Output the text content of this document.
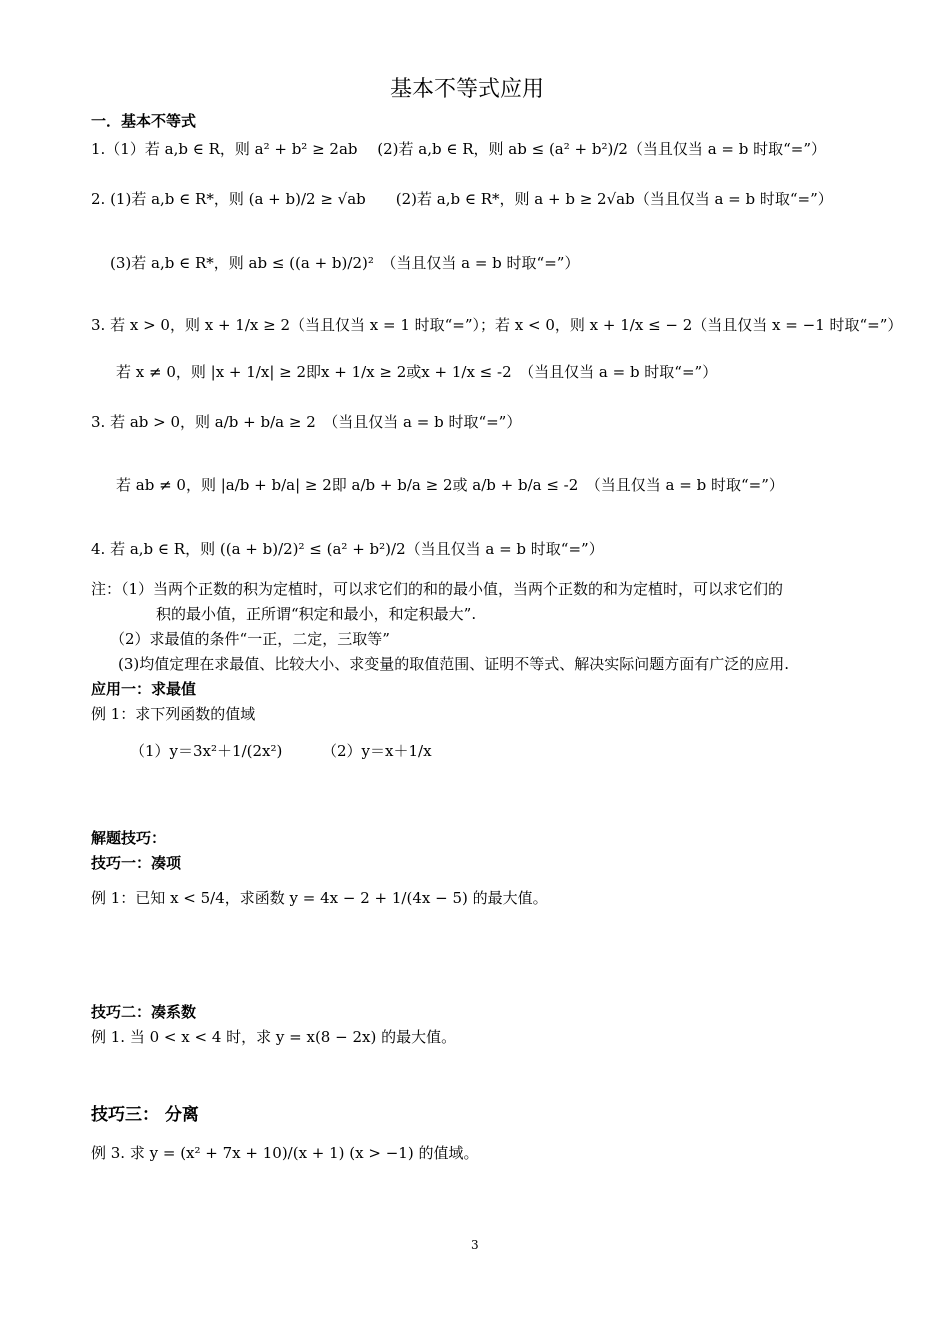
基本不等式应用
一．基本不等式
1.（1）若 a,b ∈ R，则 a² + b² ≥ 2ab　 (2)若 a,b ∈ R，则 ab ≤ (a² + b²)/2（当且仅当 a = b 时取“=”）
2. (1)若 a,b ∈ R*，则 (a + b)/2 ≥ √ab　　(2)若 a,b ∈ R*，则 a + b ≥ 2√ab（当且仅当 a = b 时取“=”）
(3)若 a,b ∈ R*，则 ab ≤ ((a + b)/2)²　（当且仅当 a = b 时取“=”）
3. 若 x > 0，则 x + 1/x ≥ 2（当且仅当 x = 1 时取“=”）；若 x < 0，则 x + 1/x ≤ − 2（当且仅当 x = −1 时取“=”）
若 x ≠ 0，则 |x + 1/x| ≥ 2即x + 1/x ≥ 2或x + 1/x ≤ -2　（当且仅当 a = b 时取“=”）
3. 若 ab > 0，则 a/b + b/a ≥ 2　（当且仅当 a = b 时取“=”）
若 ab ≠ 0，则 |a/b + b/a| ≥ 2即 a/b + b/a ≥ 2或 a/b + b/a ≤ -2　（当且仅当 a = b 时取“=”）
4. 若 a,b ∈ R，则 ((a + b)/2)² ≤ (a² + b²)/2（当且仅当 a = b 时取“=”）
注：（1）当两个正数的积为定植时，可以求它们的和的最小值，当两个正数的和为定植时，可以求它们的
积的最小值，正所谓“积定和最小，和定积最大”.
（2）求最值的条件“一正，二定，三取等”
(3)均值定理在求最值、比较大小、求变量的取值范围、证明不等式、解决实际问题方面有广泛的应用.
应用一：求最值
例 1：求下列函数的值域
（1）y＝3x²＋1/(2x²)	（2）y＝x＋1/x
解题技巧：
技巧一：凑项
例 1：已知 x < 5/4，求函数 y = 4x − 2 + 1/(4x − 5) 的最大值。
技巧二：凑系数
例 1. 当 0 < x < 4 时，求 y = x(8 − 2x) 的最大值。
技巧三： 分离
例 3. 求 y = (x² + 7x + 10)/(x + 1) (x > −1) 的值域。
3
